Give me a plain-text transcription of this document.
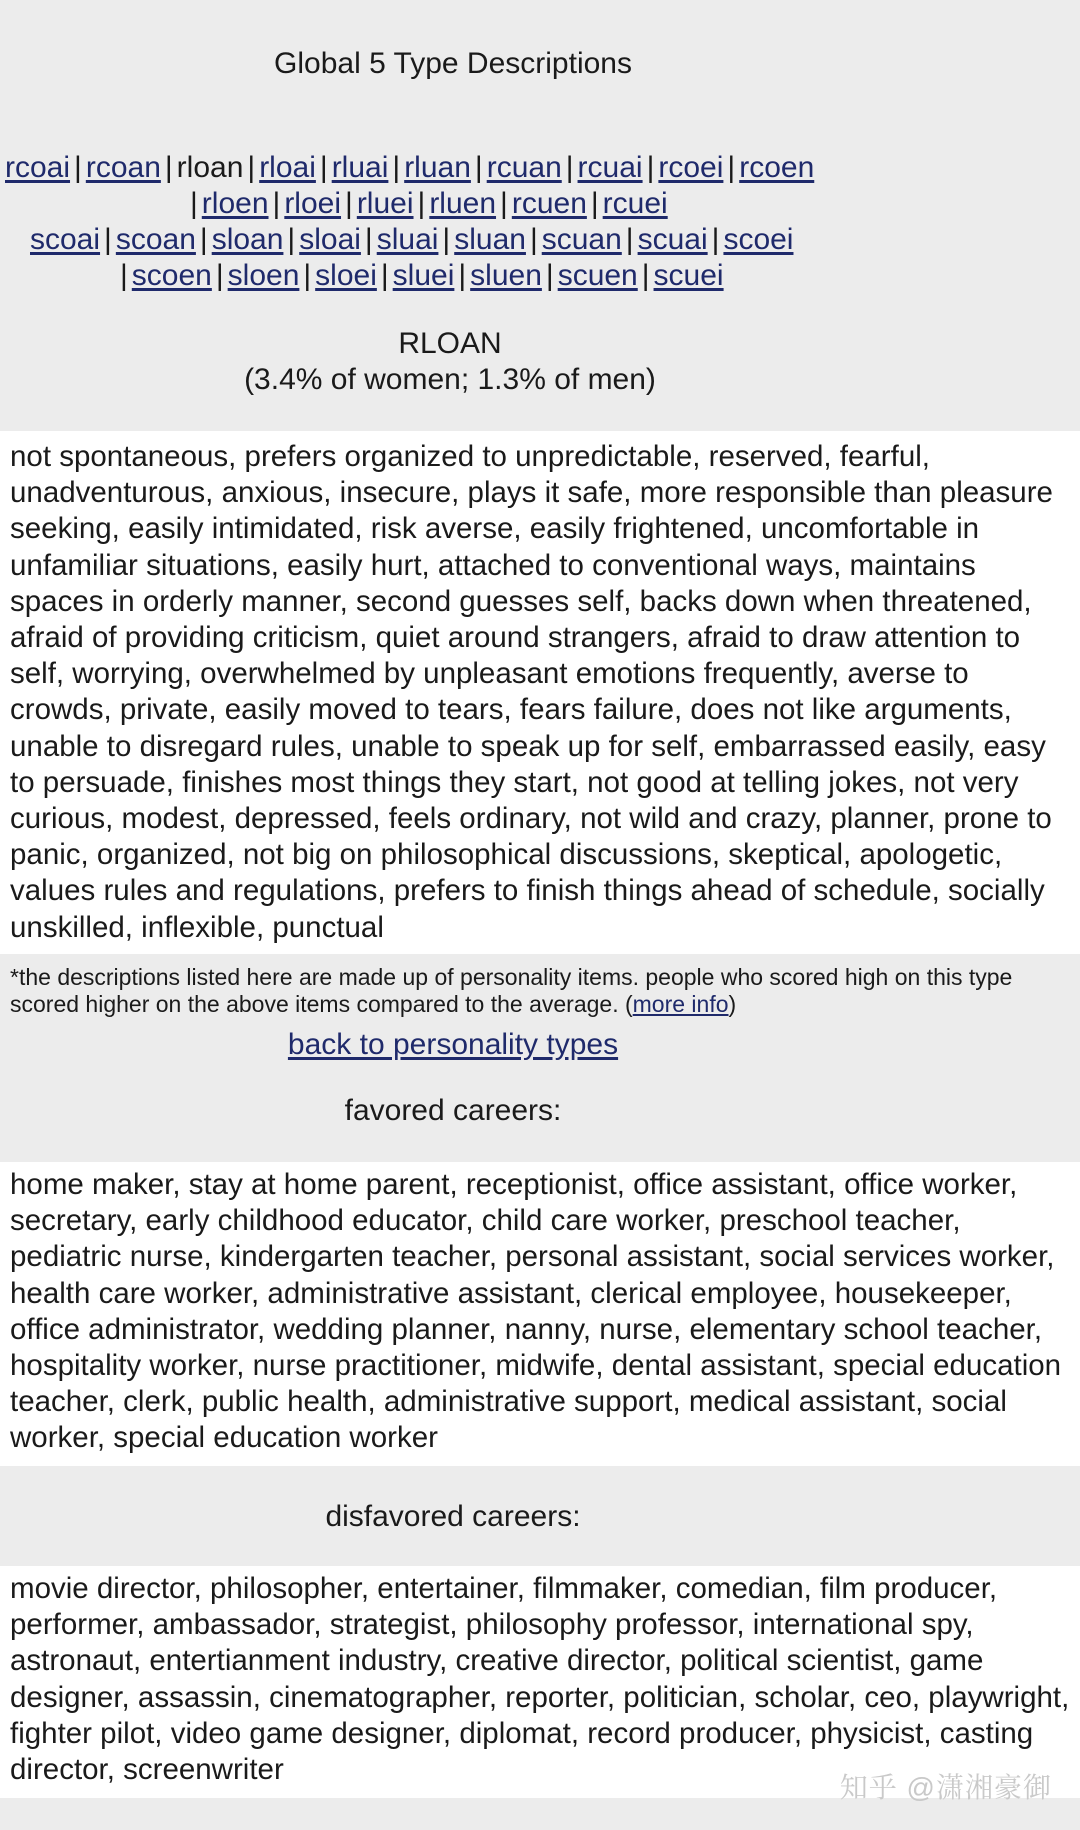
Global 5 Type Descriptions
rcoai | rcoan | rloan | rloai | rluai | rluan | rcuan | rcuai | rcoei | rcoen
| rloen | rloei | rluei | rluen | rcuen | rcuei
scoai | scoan | sloan | sloai | sluai | sluan | scuan | scuai | scoei
| scoen | sloen | sloei | sluei | sluen | scuen | scuei
RLOAN
(3.4% of women; 1.3% of men)
not spontaneous, prefers organized to unpredictable, reserved, fearful, unadventurous, anxious, insecure, plays it safe, more responsible than pleasure seeking, easily intimidated, risk averse, easily frightened, uncomfortable in unfamiliar situations, easily hurt, attached to conventional ways, maintains spaces in orderly manner, second guesses self, backs down when threatened, afraid of providing criticism, quiet around strangers, afraid to draw attention to self, worrying, overwhelmed by unpleasant emotions frequently, averse to crowds, private, easily moved to tears, fears failure, does not like arguments, unable to disregard rules, unable to speak up for self, embarrassed easily, easy to persuade, finishes most things they start, not good at telling jokes, not very curious, modest, depressed, feels ordinary, not wild and crazy, planner, prone to panic, organized, not big on philosophical discussions, skeptical, apologetic, values rules and regulations, prefers to finish things ahead of schedule, socially unskilled, inflexible, punctual
*the descriptions listed here are made up of personality items. people who scored high on this type scored higher on the above items compared to the average. (more info)
back to personality types
favored careers:
home maker, stay at home parent, receptionist, office assistant, office worker, secretary, early childhood educator, child care worker, preschool teacher, pediatric nurse, kindergarten teacher, personal assistant, social services worker, health care worker, administrative assistant, clerical employee, housekeeper, office administrator, wedding planner, nanny, nurse, elementary school teacher, hospitality worker, nurse practitioner, midwife, dental assistant, special education teacher, clerk, public health, administrative support, medical assistant, social worker, special education worker
disfavored careers:
movie director, philosopher, entertainer, filmmaker, comedian, film producer, performer, ambassador, strategist, philosophy professor, international spy, astronaut, entertianment industry, creative director, political scientist, game designer, assassin, cinematographer, reporter, politician, scholar, ceo, playwright, fighter pilot, video game designer, diplomat, record producer, physicist, casting director, screenwriter
知乎 @潇湘豪御
